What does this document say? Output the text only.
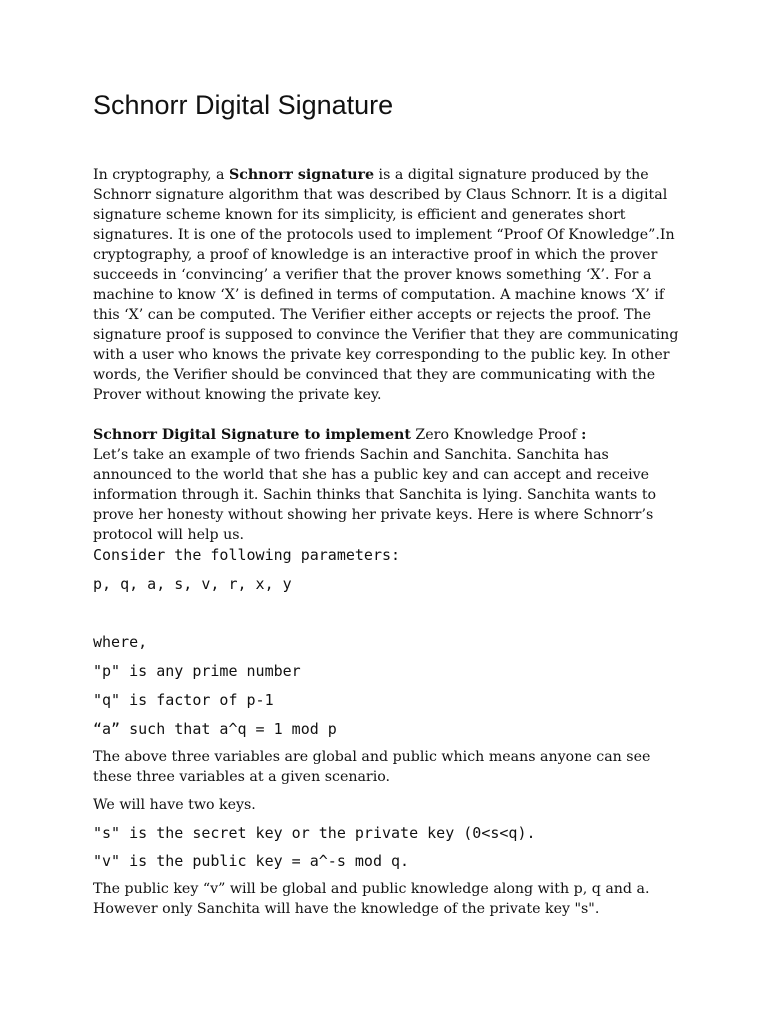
Schnorr Digital Signature

In cryptography, a Schnorr signature is a digital signature produced by the Schnorr signature algorithm that was described by Claus Schnorr. It is a digital signature scheme known for its simplicity, is efficient and generates short signatures. It is one of the protocols used to implement “Proof Of Knowledge”.In cryptography, a proof of knowledge is an interactive proof in which the prover succeeds in ‘convincing’ a verifier that the prover knows something ‘X’. For a machine to know ‘X’ is defined in terms of computation. A machine knows ‘X’ if this ‘X’ can be computed. The Verifier either accepts or rejects the proof. The signature proof is supposed to convince the Verifier that they are communicating with a user who knows the private key corresponding to the public key. In other words, the Verifier should be convinced that they are communicating with the Prover without knowing the private key.

Schnorr Digital Signature to implement Zero Knowledge Proof :

Let’s take an example of two friends Sachin and Sanchita. Sanchita has announced to the world that she has a public key and can accept and receive information through it. Sachin thinks that Sanchita is lying. Sanchita wants to prove her honesty without showing her private keys. Here is where Schnorr’s protocol will help us.

Consider the following parameters:
p, q, a, s, v, r, x, y
where,
"p" is any prime number
"q" is factor of p-1
“a” such that a^q = 1 mod p

The above three variables are global and public which means anyone can see these three variables at a given scenario.

We will have two keys.

"s" is the secret key or the private key (0<s<q).
"v" is the public key = a^-s mod q.

The public key “v” will be global and public knowledge along with p, q and a. However only Sanchita will have the knowledge of the private key "s".
